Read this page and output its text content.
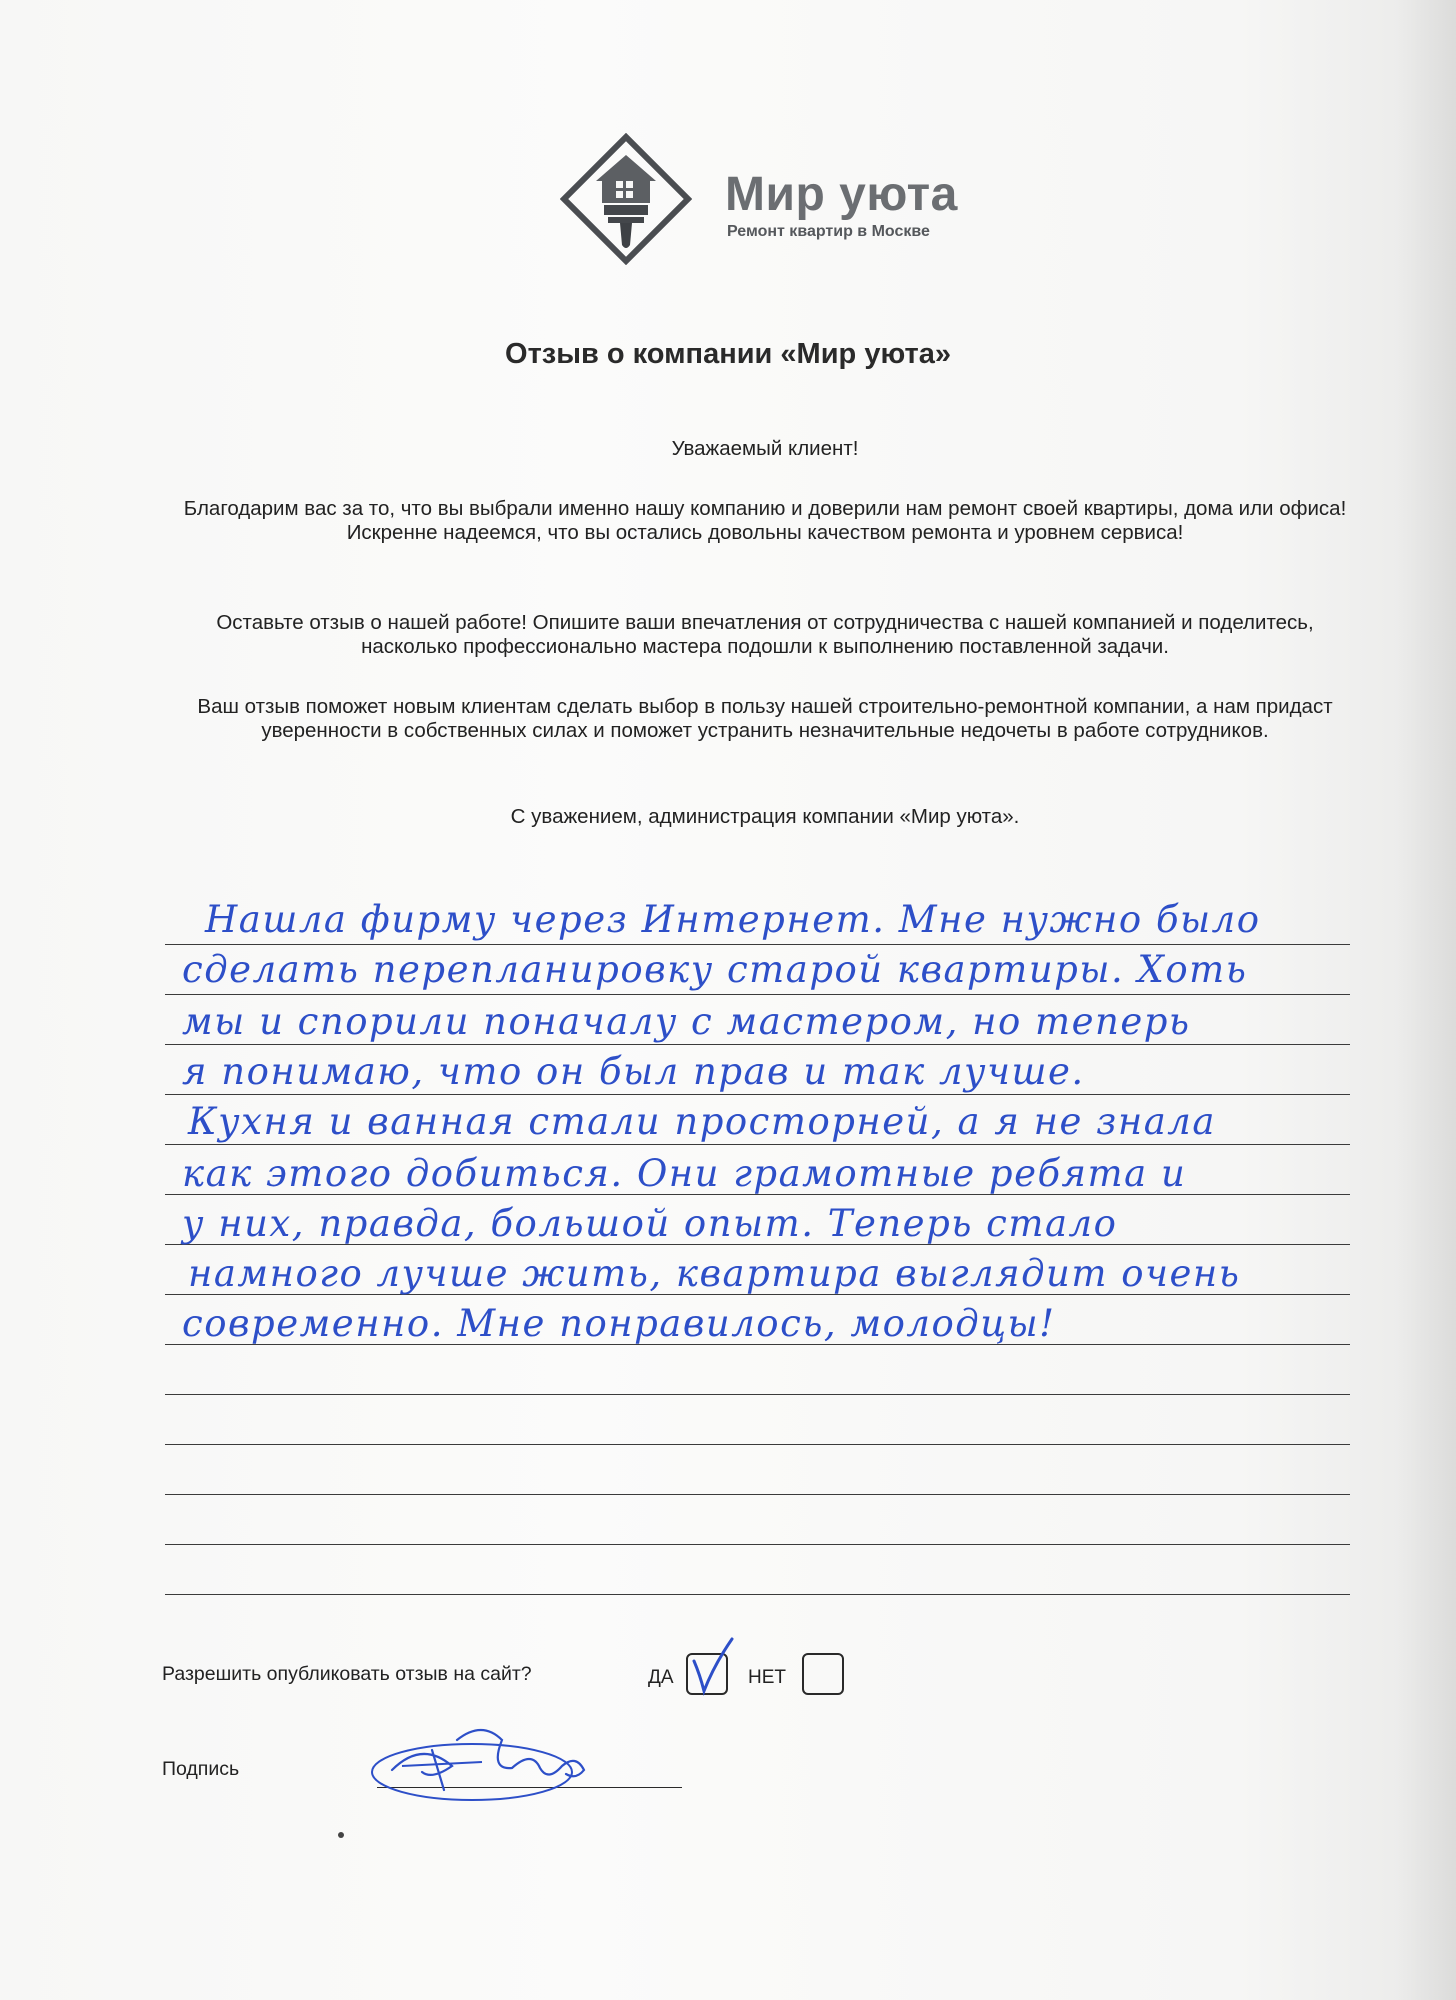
Мир уюта
Ремонт квартир в Москве
Отзыв о компании «Мир уюта»
Уважаемый клиент!
Благодарим вас за то, что вы выбрали именно нашу компанию и доверили нам ремонт своей квартиры, дома или офиса! Искренне надеемся, что вы остались довольны качеством ремонта и уровнем сервиса!
Оставьте отзыв о нашей работе! Опишите ваши впечатления от сотрудничества с нашей компанией и поделитесь, насколько профессионально мастера подошли к выполнению поставленной задачи.
Ваш отзыв поможет новым клиентам сделать выбор в пользу нашей строительно-ремонтной компании, а нам придаст уверенности в собственных силах и поможет устранить незначительные недочеты в работе сотрудников.
С уважением, администрация компании «Мир уюта».
Нашла фирму через Интернет. Мне нужно было
сделать перепланировку старой квартиры. Хоть
мы и спорили поначалу с мастером, но теперь
я понимаю, что он был прав и так лучше.
Кухня и ванная стали просторней, а я не знала
как этого добиться. Они грамотные ребята и
у них, правда, большой опыт. Теперь стало
намного лучше жить, квартира выглядит очень
современно. Мне понравилось, молодцы!
Разрешить опубликовать отзыв на сайт?	ДА	НЕТ
Подпись
